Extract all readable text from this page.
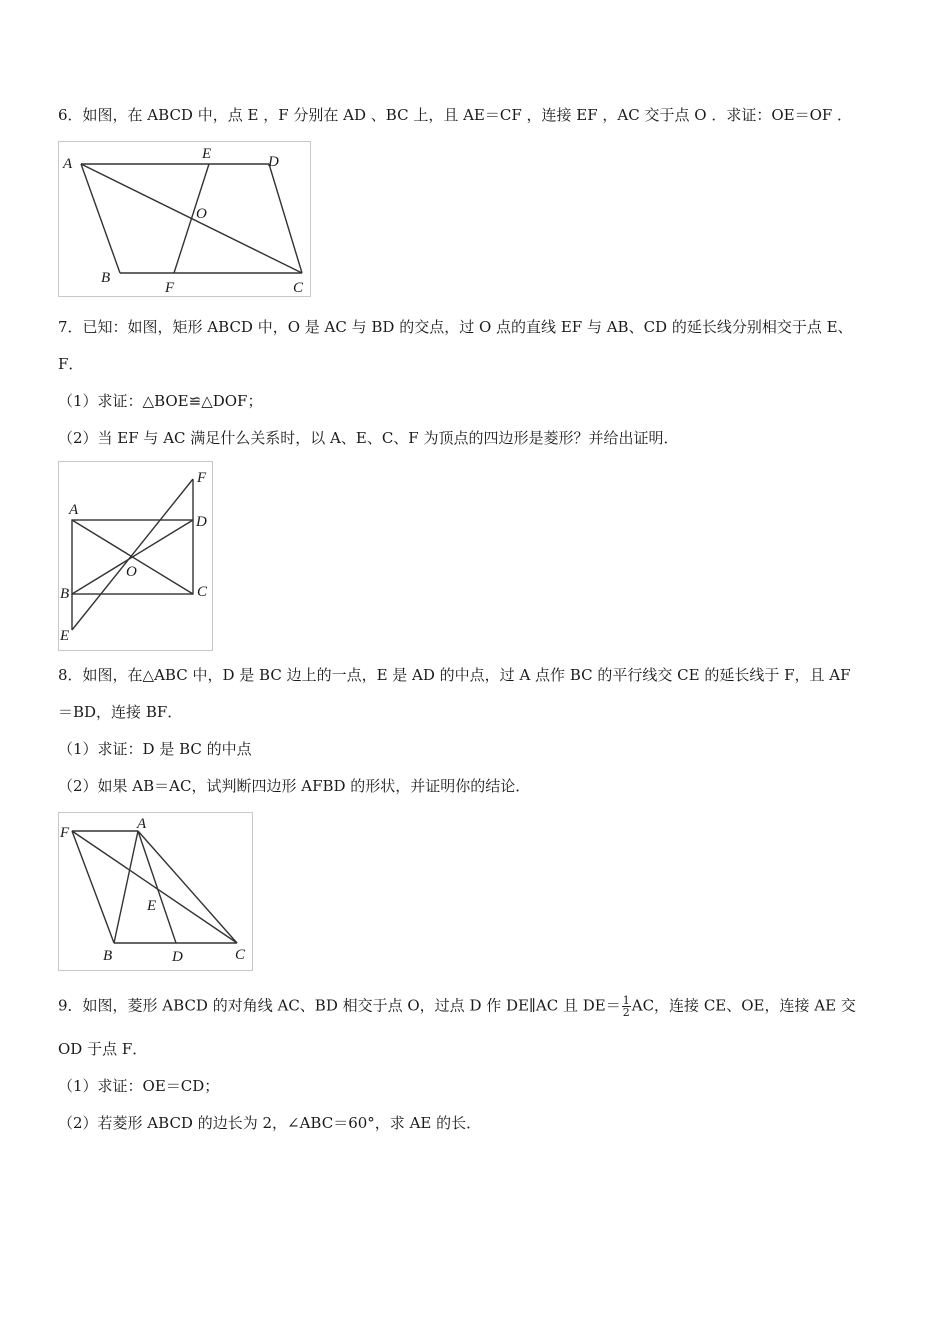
6．如图，在 ABCD 中，点 E ，F 分别在 AD 、BC 上，且 AE＝CF ，连接 EF ，AC 交于点 O ．求证：OE＝OF ．
A
E	D
O
B
F	C
7．已知：如图，矩形 ABCD 中，O 是 AC 与 BD 的交点，过 O 点的直线 EF 与 AB、CD 的延长线分别相交于点 E、
F．
（1）求证：△BOE≌△DOF；
（2）当 EF 与 AC 满足什么关系时，以 A、E、C、F 为顶点的四边形是菱形？并给出证明．
F
A
D
O
B	C
E
8．如图，在△ABC 中，D 是 BC 边上的一点，E 是 AD 的中点，过 A 点作 BC 的平行线交 CE 的延长线于 F，且 AF
＝BD，连接 BF．
（1）求证：D 是 BC 的中点
（2）如果 AB＝AC，试判断四边形 AFBD 的形状，并证明你的结论．
F
A
E
B	D	C
9．如图，菱形 ABCD 的对角线 AC、BD 相交于点 O，过点 D 作 DE∥AC 且 $DE= \frac{1}{2}$ AC，连接 CE、OE，连接 AE 交
OD 于点 F．
（1）求证：OE＝CD；
（2）若菱形 ABCD 的边长为 2，∠ABC＝60°，求 AE 的长．
